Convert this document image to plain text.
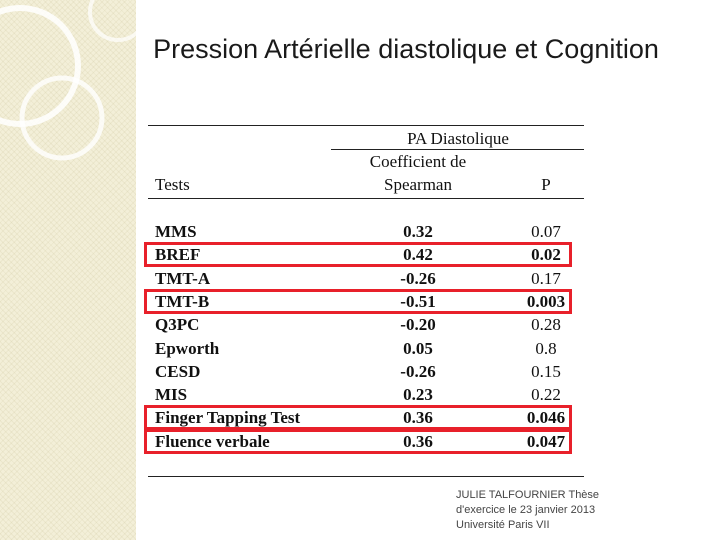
Pression Artérielle diastolique et Cognition
PA Diastolique
Coefficient de
Tests	Spearman	P
MMS	0.32	0.07
BREF	0.42	0.02
TMT-A	-0.26	0.17
TMT-B	-0.51	0.003
Q3PC	-0.20	0.28
Epworth	0.05	0.8
CESD	-0.26	0.15
MIS	0.23	0.22
Finger Tapping Test	0.36	0.046
Fluence verbale	0.36	0.047
JULIE TALFOURNIER Thèse
d'exercice le 23 janvier 2013
Université Paris VII
